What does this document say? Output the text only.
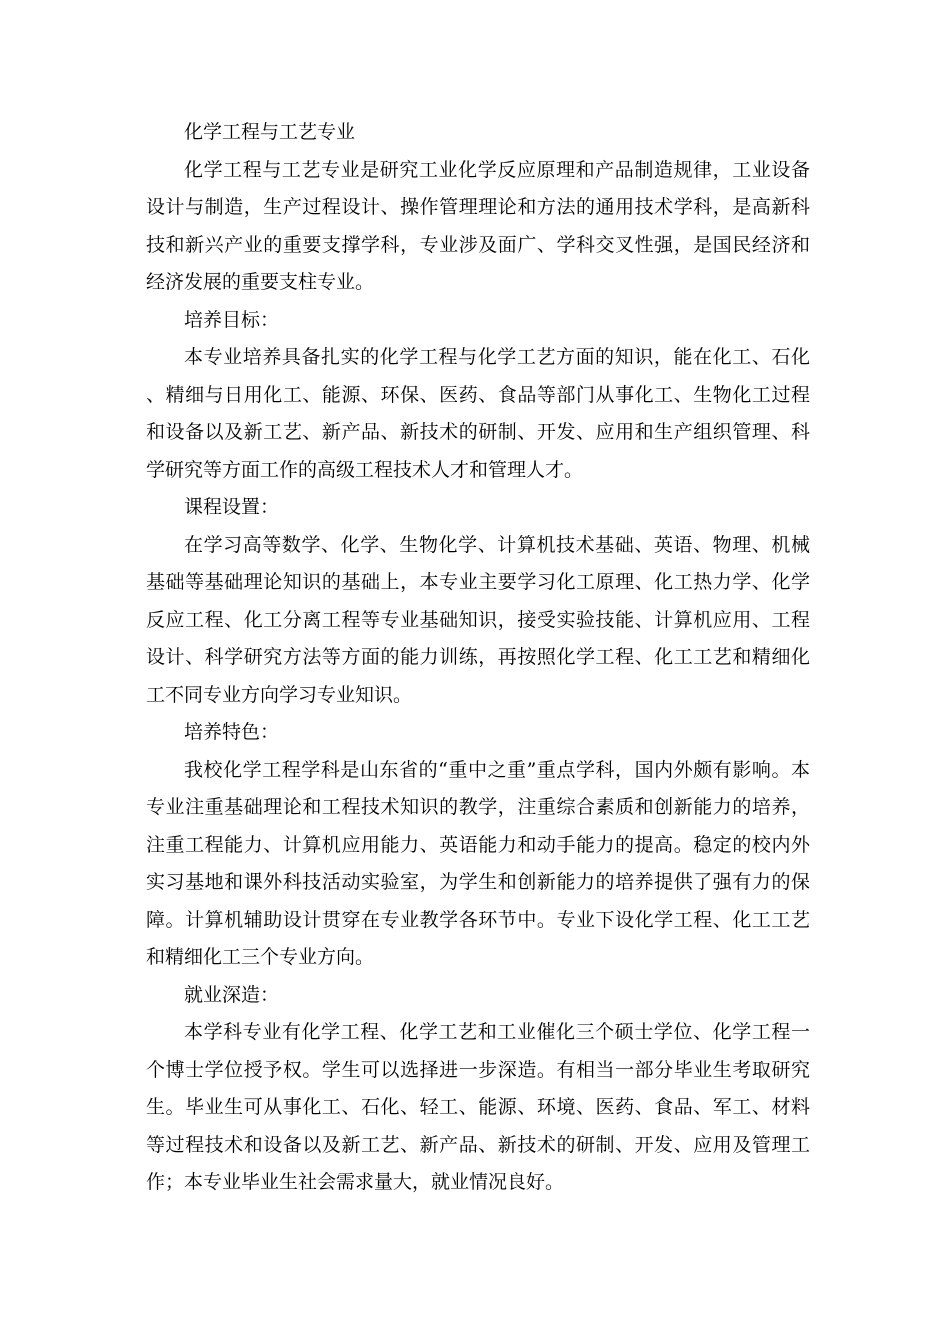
化学工程与工艺专业

化学工程与工艺专业是研究工业化学反应原理和产品制造规律，工业设备设计与制造，生产过程设计、操作管理理论和方法的通用技术学科，是高新科技和新兴产业的重要支撑学科，专业涉及面广、学科交叉性强，是国民经济和经济发展的重要支柱专业。

培养目标：

本专业培养具备扎实的化学工程与化学工艺方面的知识，能在化工、石化、精细与日用化工、能源、环保、医药、食品等部门从事化工、生物化工过程和设备以及新工艺、新产品、新技术的研制、开发、应用和生产组织管理、科学研究等方面工作的高级工程技术人才和管理人才。

课程设置：

在学习高等数学、化学、生物化学、计算机技术基础、英语、物理、机械基础等基础理论知识的基础上，本专业主要学习化工原理、化工热力学、化学反应工程、化工分离工程等专业基础知识，接受实验技能、计算机应用、工程设计、科学研究方法等方面的能力训练，再按照化学工程、化工工艺和精细化工不同专业方向学习专业知识。

培养特色：

我校化学工程学科是山东省的“重中之重”重点学科，国内外颇有影响。本专业注重基础理论和工程技术知识的教学，注重综合素质和创新能力的培养，注重工程能力、计算机应用能力、英语能力和动手能力的提高。稳定的校内外实习基地和课外科技活动实验室，为学生和创新能力的培养提供了强有力的保障。计算机辅助设计贯穿在专业教学各环节中。专业下设化学工程、化工工艺和精细化工三个专业方向。

就业深造：

本学科专业有化学工程、化学工艺和工业催化三个硕士学位、化学工程一个博士学位授予权。学生可以选择进一步深造。有相当一部分毕业生考取研究生。毕业生可从事化工、石化、轻工、能源、环境、医药、食品、军工、材料等过程技术和设备以及新工艺、新产品、新技术的研制、开发、应用及管理工作；本专业毕业生社会需求量大，就业情况良好。
